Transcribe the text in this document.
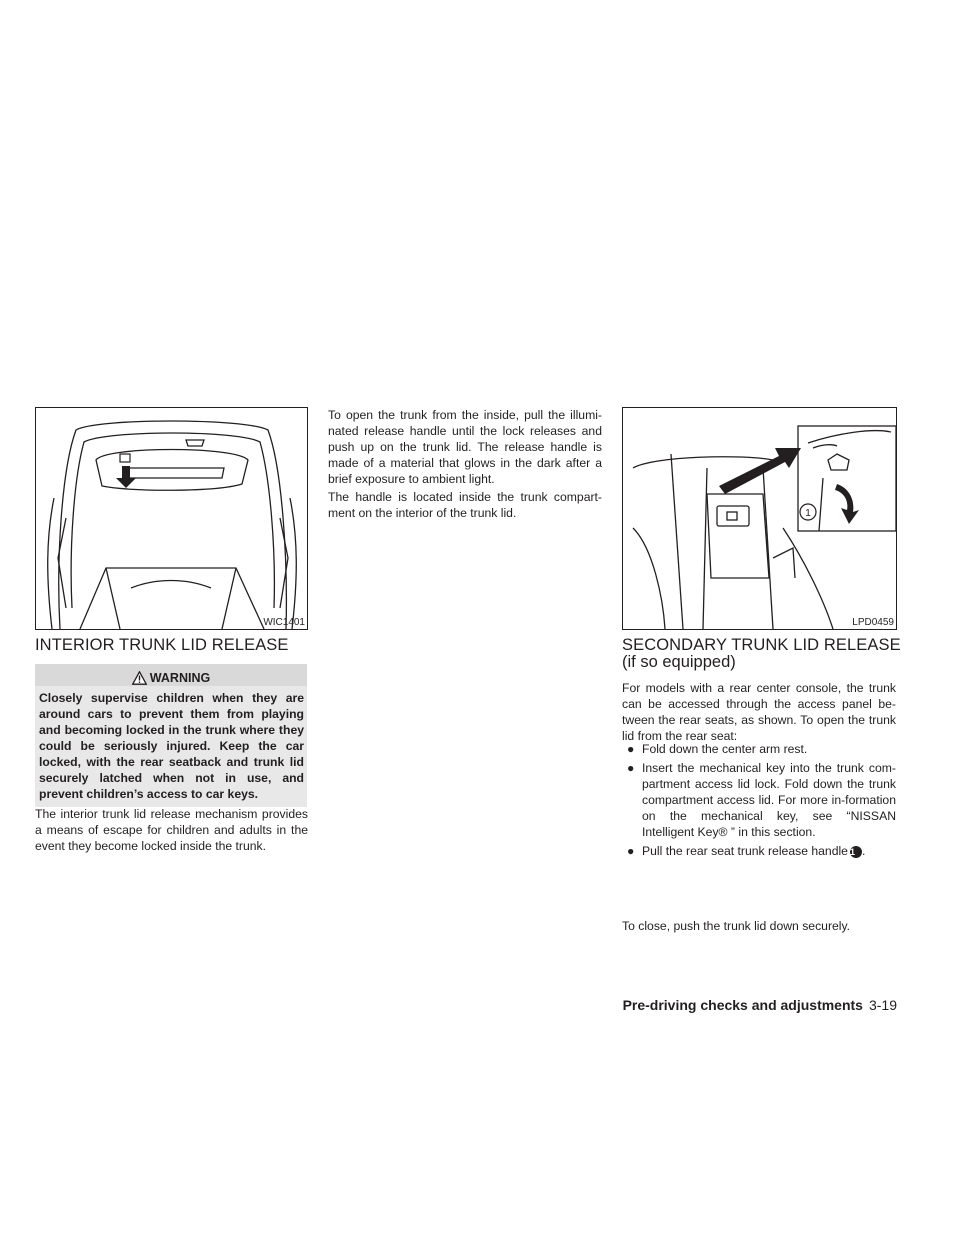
WIC1401
1
LPD0459
INTERIOR TRUNK LID RELEASE
WARNING
Closely supervise children when they are around cars to prevent them from playing and becoming locked in the trunk where they could be seriously injured. Keep the car locked, with the rear seatback and trunk lid securely latched when not in use, and prevent children’s access to car keys.

The interior trunk lid release mechanism provides a means of escape for children and adults in the event they become locked inside the trunk.

To open the trunk from the inside, pull the illumi-nated release handle until the lock releases and push up on the trunk lid. The release handle is made of a material that glows in the dark after a brief exposure to ambient light.

The handle is located inside the trunk compart-ment on the interior of the trunk lid.

SECONDARY TRUNK LID RELEASE
(if so equipped)

For models with a rear center console, the trunk can be accessed through the access panel be-tween the rear seats, as shown. To open the trunk lid from the rear seat:

● Fold down the center arm rest.
● Insert the mechanical key into the trunk com-partment access lid lock. Fold down the trunk compartment access lid. For more in-formation on the mechanical key, see “NISSAN Intelligent Key® ” in this section.
● Pull the rear seat trunk release handle 1 .

To close, push the trunk lid down securely.

Pre-driving checks and adjustments 3-19
